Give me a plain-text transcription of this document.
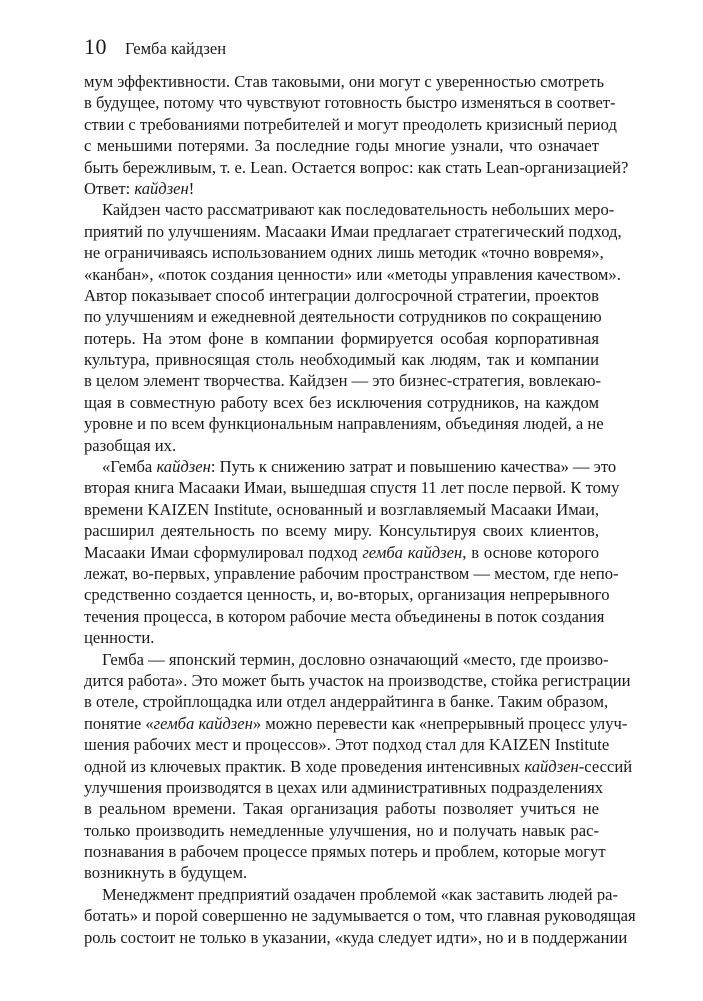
10 Гемба кайдзен
мум эффективности. Став таковыми, они могут с уверенностью смотреть
в будущее, потому что чувствуют готовность быстро изменяться в соответ-
ствии с требованиями потребителей и могут преодолеть кризисный период
с меньшими потерями. За последние годы многие узнали, что означает
быть бережливым, т. е. Lean. Остается вопрос: как стать Lean-организацией?
Ответ: кайдзен!
Кайдзен часто рассматривают как последовательность небольших меро-
приятий по улучшениям. Масааки Имаи предлагает стратегический подход,
не ограничиваясь использованием одних лишь методик «точно вовремя»,
«канбан», «поток создания ценности» или «методы управления качеством».
Автор показывает способ интеграции долгосрочной стратегии, проектов
по улучшениям и ежедневной деятельности сотрудников по сокращению
потерь. На этом фоне в компании формируется особая корпоративная
культура, привносящая столь необходимый как людям, так и компании
в целом элемент творчества. Кайдзен — это бизнес-стратегия, вовлекаю-
щая в совместную работу всех без исключения сотрудников, на каждом
уровне и по всем функциональным направлениям, объединяя людей, а не
разобщая их.
«Гемба кайдзен: Путь к снижению затрат и повышению качества» — это
вторая книга Масааки Имаи, вышедшая спустя 11 лет после первой. К тому
времени KAIZEN Institute, основанный и возглавляемый Масааки Имаи,
расширил деятельность по всему миру. Консультируя своих клиентов,
Масааки Имаи сформулировал подход гемба кайдзен, в основе которого
лежат, во-первых, управление рабочим пространством — местом, где непо-
средственно создается ценность, и, во-вторых, организация непрерывного
течения процесса, в котором рабочие места объединены в поток создания
ценности.
Гемба — японский термин, дословно означающий «место, где произво-
дится работа». Это может быть участок на производстве, стойка регистрации
в отеле, стройплощадка или отдел андеррайтинга в банке. Таким образом,
понятие «гемба кайдзен» можно перевести как «непрерывный процесс улуч-
шения рабочих мест и процессов». Этот подход стал для KAIZEN Institute
одной из ключевых практик. В ходе проведения интенсивных кайдзен-сессий
улучшения производятся в цехах или административных подразделениях
в реальном времени. Такая организация работы позволяет учиться не
только производить немедленные улучшения, но и получать навык рас-
познавания в рабочем процессе прямых потерь и проблем, которые могут
возникнуть в будущем.
Менеджмент предприятий озадачен проблемой «как заставить людей ра-
ботать» и порой совершенно не задумывается о том, что главная руководящая
роль состоит не только в указании, «куда следует идти», но и в поддержании
